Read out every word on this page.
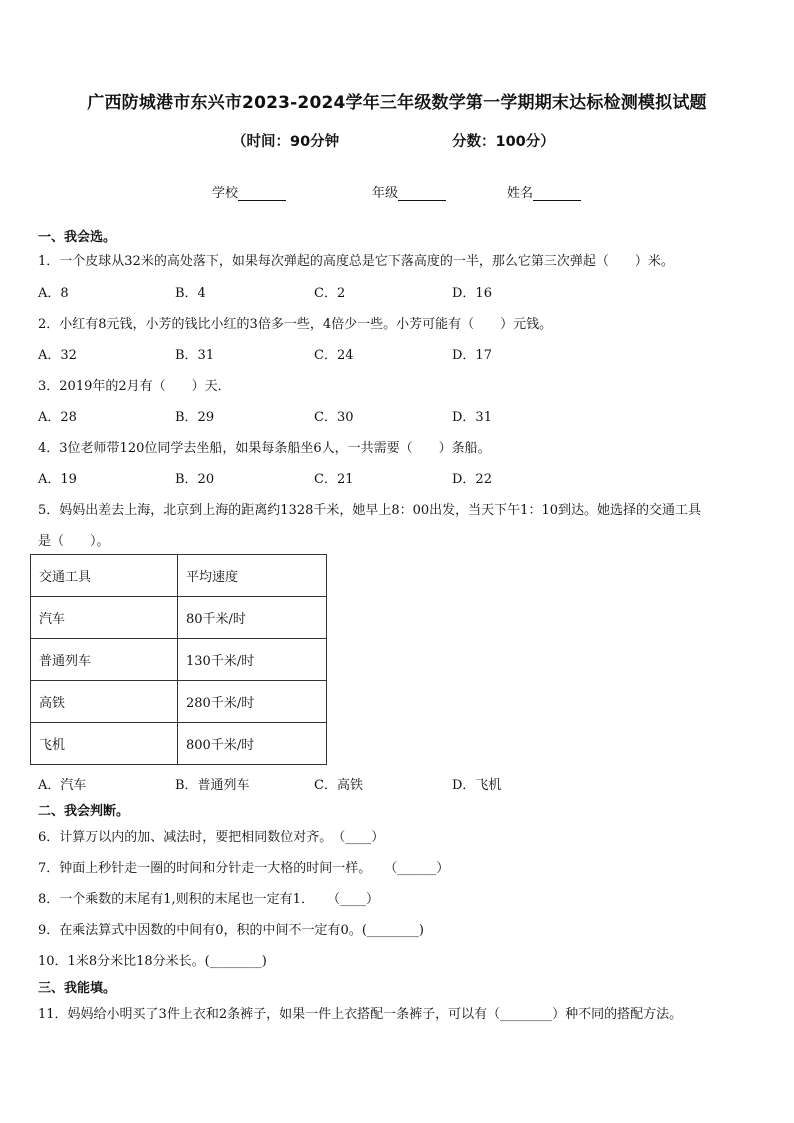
广西防城港市东兴市2023-2024学年三年级数学第一学期期末达标检测模拟试题
（时间：90分钟	分数：100分）
学校	年级	姓名
一、我会选。
1．一个皮球从32米的高处落下，如果每次弹起的高度总是它下落高度的一半，那么它第三次弹起（　　）米。
A．8	B．4	C．2	D．16
2．小红有8元钱，小芳的钱比小红的3倍多一些，4倍少一些。小芳可能有（　　）元钱。
A．32	B．31	C．24	D．17
3．2019年的2月有（　　）天．
A．28	B．29	C．30	D．31
4．3位老师带120位同学去坐船，如果每条船坐6人，一共需要（　　）条船。
A．19	B．20	C．21	D．22
5．妈妈出差去上海，北京到上海的距离约1328千米，她早上8：00出发，当天下午1：10到达。她选择的交通工具
是（　　）。
交通工具	平均速度
汽车	80千米/时
普通列车	130千米/时
高铁	280千米/时
飞机	800千米/时
A．汽车	B．普通列车	C．高铁	D．飞机
二、我会判断。
6．计算万以内的加、减法时，要把相同数位对齐。　（____）
7．钟面上秒针走一圈的时间和分针走一大格的时间一样。　　（______）
8．一个乘数的末尾有1,则积的末尾也一定有1．　　（____）
9．在乘法算式中因数的中间有0，积的中间不一定有0。(________)
10．1米8分米比18分米长。(________)
三、我能填。
11．妈妈给小明买了3件上衣和2条裤子，如果一件上衣搭配一条裤子，可以有（________）种不同的搭配方法。
